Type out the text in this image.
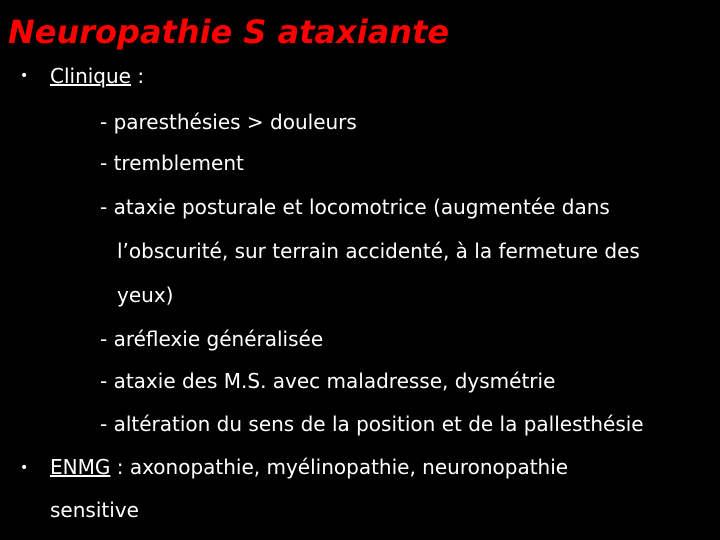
Neuropathie S ataxiante
• Clinique :
- paresthésies > douleurs
- tremblement
- ataxie posturale et locomotrice (augmentée dans
l’obscurité, sur terrain accidenté, à la fermeture des
yeux)
- aréflexie généralisée
- ataxie des M.S. avec maladresse, dysmétrie
- altération du sens de la position et de la pallesthésie
• ENMG : axonopathie, myélinopathie, neuronopathie
sensitive
